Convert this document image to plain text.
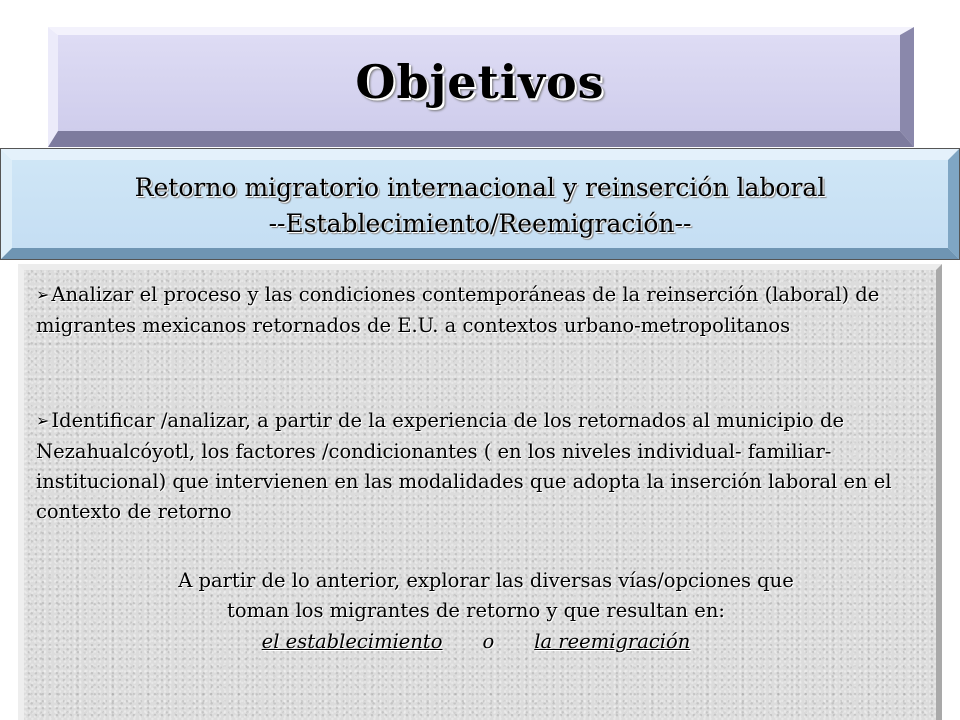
Objetivos
Retorno migratorio internacional y reinserción laboral
--Establecimiento/Reemigración--
➢ Analizar el proceso y las condiciones contemporáneas de la reinserción (laboral) de migrantes mexicanos retornados de E.U. a contextos urbano-metropolitanos
➢ Identificar /analizar, a partir de la experiencia de los retornados al municipio de Nezahualcóyotl, los factores /condicionantes ( en los niveles individual- familiar-institucional) que intervienen en las modalidades que adopta la inserción laboral en el contexto de retorno
A partir de lo anterior, explorar las diversas vías/opciones que
toman los migrantes de retorno y que resultan en:
el establecimiento o la reemigración
